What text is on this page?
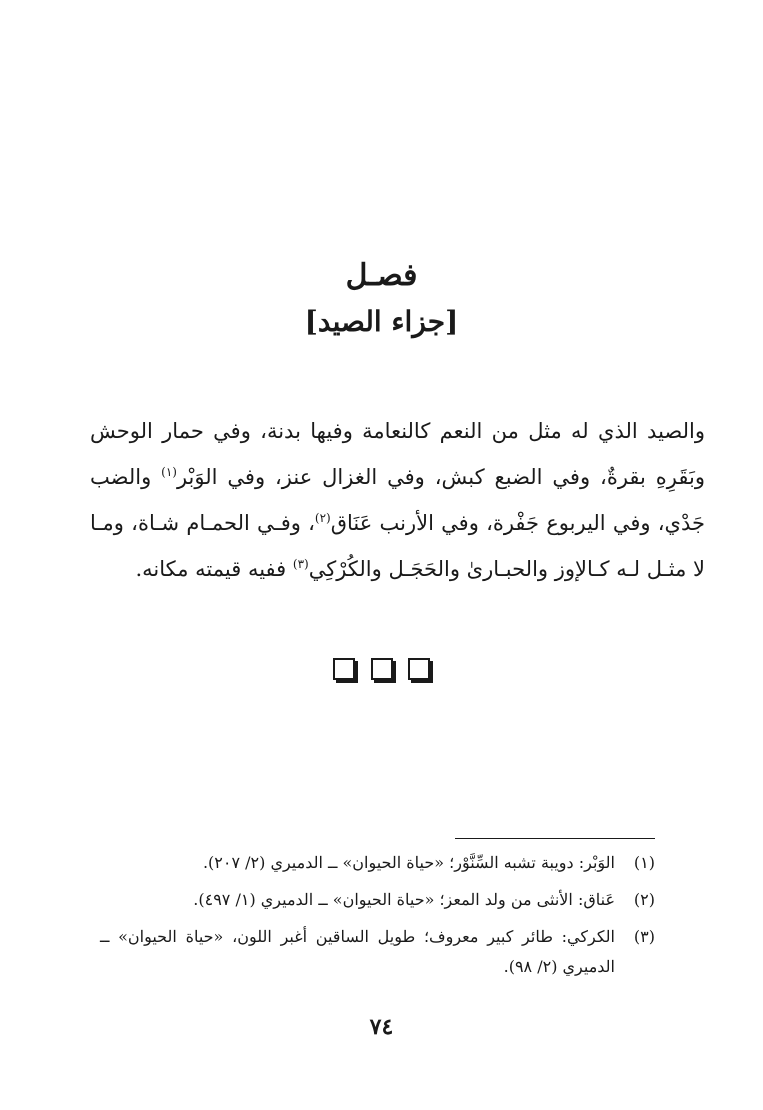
فصـل
[جزاء الصيد]

والصيد الذي له مثل من النعم كالنعامة وفيها بدنة، وفي حمار الوحش وبَقَرِهِ بقرةٌ، وفي الضبع كبش، وفي الغزال عنز، وفي الوَبْر$^{(١)}$ والضب جَدْي، وفي اليربوع جَفْرة، وفي الأرنب عَنَاق$^{(٢)}$، وفـي الحمـام شـاة، ومـا لا مثـل لـه كـالإوز والحبـارىٰ والحَجَـل والكُرْكِي$^{(٣)}$ ففيه قيمته مكانه.

(١)
الوَبْر: دويبة تشبه السِّنَّوْر؛ «حياة الحيوان» ــ الدميري (٢/ ٢٠٧).
(٢)
عَناق: الأنثى من ولد المعز؛ «حياة الحيوان» ــ الدميري (١/ ٤٩٧).
(٣)
الكركي: طائر كبير معروف؛ طويل الساقين أغبر اللون، «حياة الحيوان» ــ الدميري (٢/ ٩٨).
٧٤
